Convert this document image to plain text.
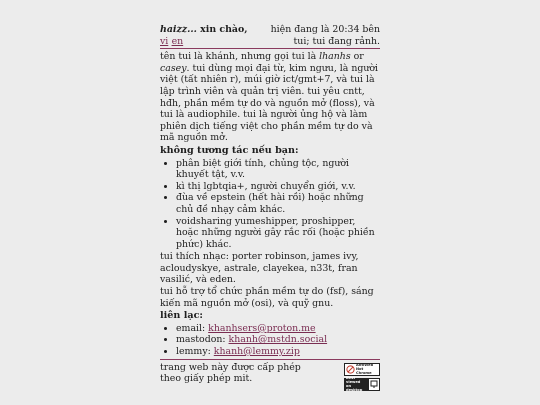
haizz... xin chào, vi en
hiện đang là 20:34 bên tui; tui đang rảnh.

tên tui là khánh, nhưng gọi tui là lhanhs or casey. tui dùng mọi đại từ, kim ngưu, là người việt (tất nhiên r), múi giờ ict/gmt+7, và tui là lập trình viên và quản trị viên. tui yêu cntt, hđh, phần mềm tự do và nguồn mở (floss), và tui là audiophile. tui là người ủng hộ và làm phiên dịch tiếng việt cho phần mềm tự do và mã nguồn mở.

không tương tác nếu bạn:
• phân biệt giới tính, chủng tộc, người khuyết tật, v.v.
• kì thị lgbtqia+, người chuyển giới, v.v.
• đùa về epstein (hết hài rồi) hoặc những chủ đề nhạy cảm khác.
• voidsharing yumeshipper, proshipper, hoặc những người gây rắc rối (hoặc phiền phức) khác.

tui thích nhạc: porter robinson, james ivy, acloudyskye, astrale, clayekea, n33t, fran vasilić, và eden.

tui hỗ trợ tổ chức phần mềm tự do (fsf), sáng kiến mã nguồn mở (osi), và quỹ gnu.

liên lạc:
• email: khanhsers@proton.me
• mastodon: khanh@mstdn.social
• lemmy: khanh@lemmy.zip
trang web này được cấp phép theo giấy phép mit.
AntiWeb
Not Chrome
Best viewed
on desktop
